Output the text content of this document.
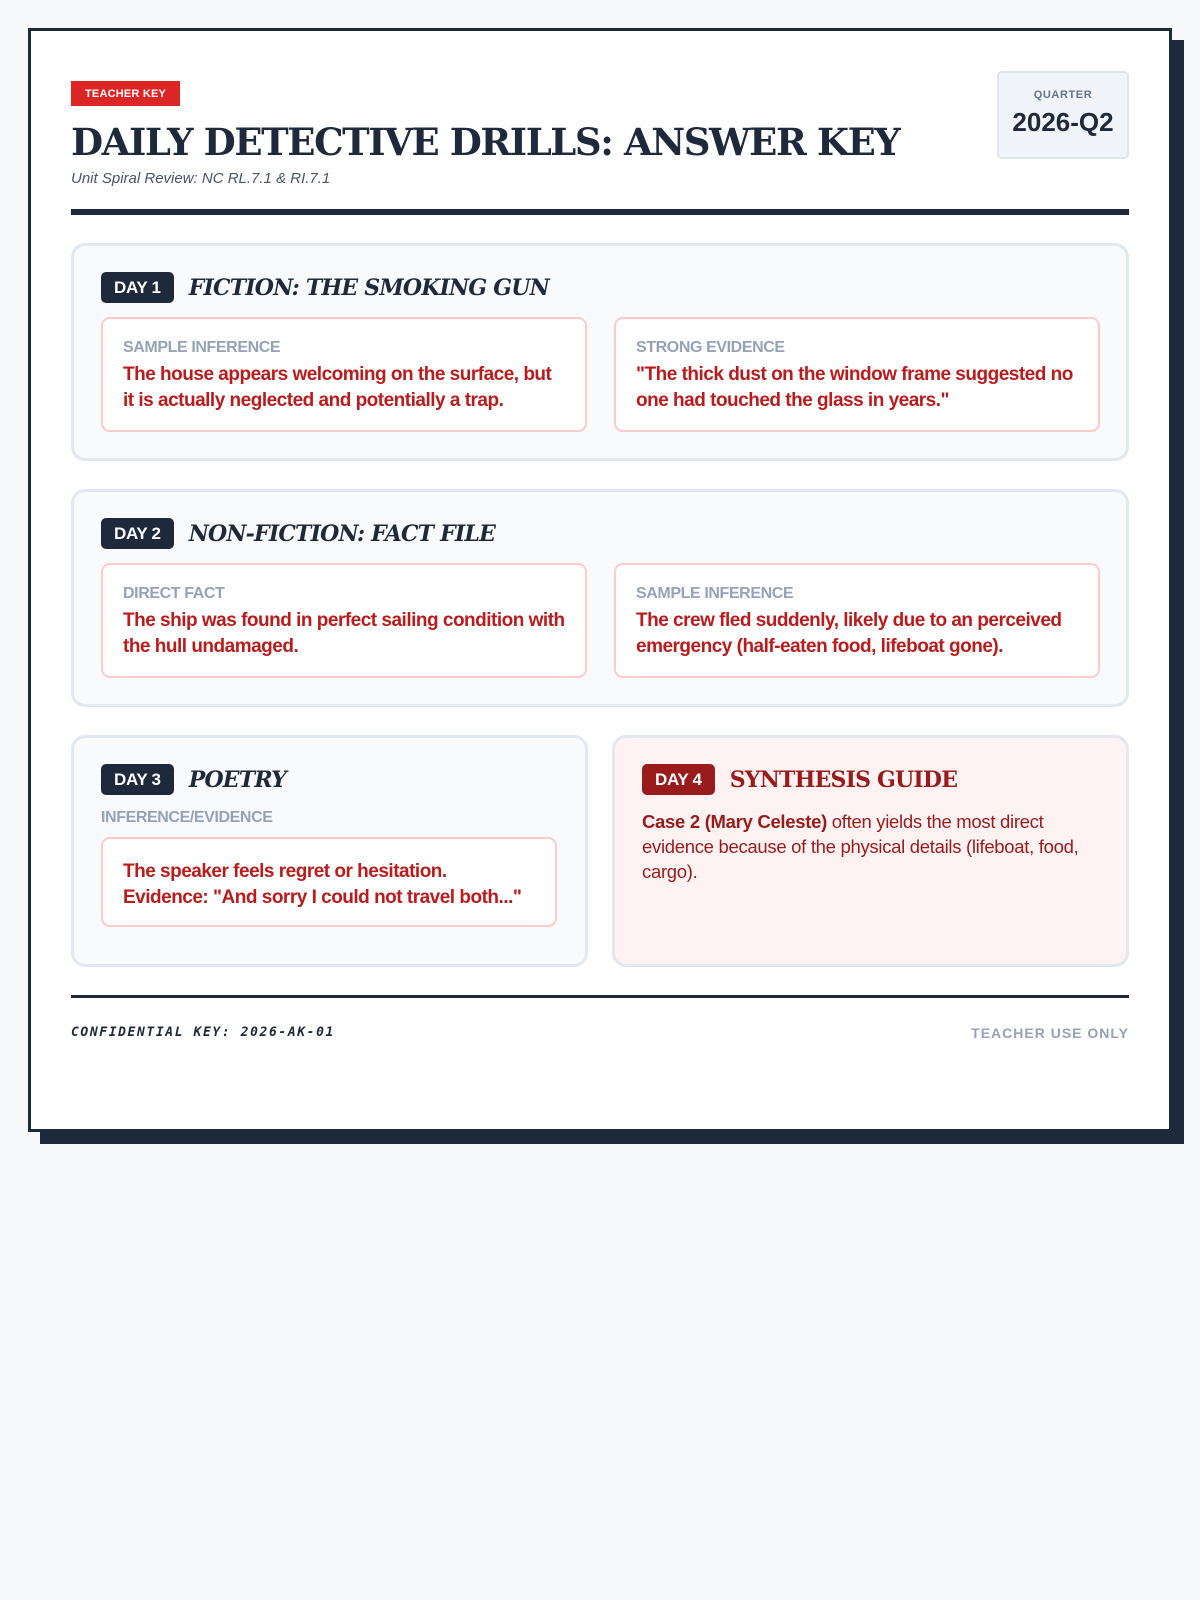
TEACHER KEY
DAILY DETECTIVE DRILLS: ANSWER KEY
Unit Spiral Review: NC RL.7.1 & RI.7.1
QUARTER
2026-Q2
DAY 1	FICTION: THE SMOKING GUN
SAMPLE INFERENCE
The house appears welcoming on the surface, but it is actually neglected and potentially a trap.
STRONG EVIDENCE
"The thick dust on the window frame suggested no one had touched the glass in years."
DAY 2	NON-FICTION: FACT FILE
DIRECT FACT
The ship was found in perfect sailing condition with the hull undamaged.
SAMPLE INFERENCE
The crew fled suddenly, likely due to an perceived emergency (half-eaten food, lifeboat gone).
DAY 3	POETRY
INFERENCE/EVIDENCE
The speaker feels regret or hesitation. Evidence: "And sorry I could not travel both..."
DAY 4	SYNTHESIS GUIDE
Case 2 (Mary Celeste) often yields the most direct evidence because of the physical details (lifeboat, food, cargo).
CONFIDENTIAL KEY: 2026-AK-01	TEACHER USE ONLY
